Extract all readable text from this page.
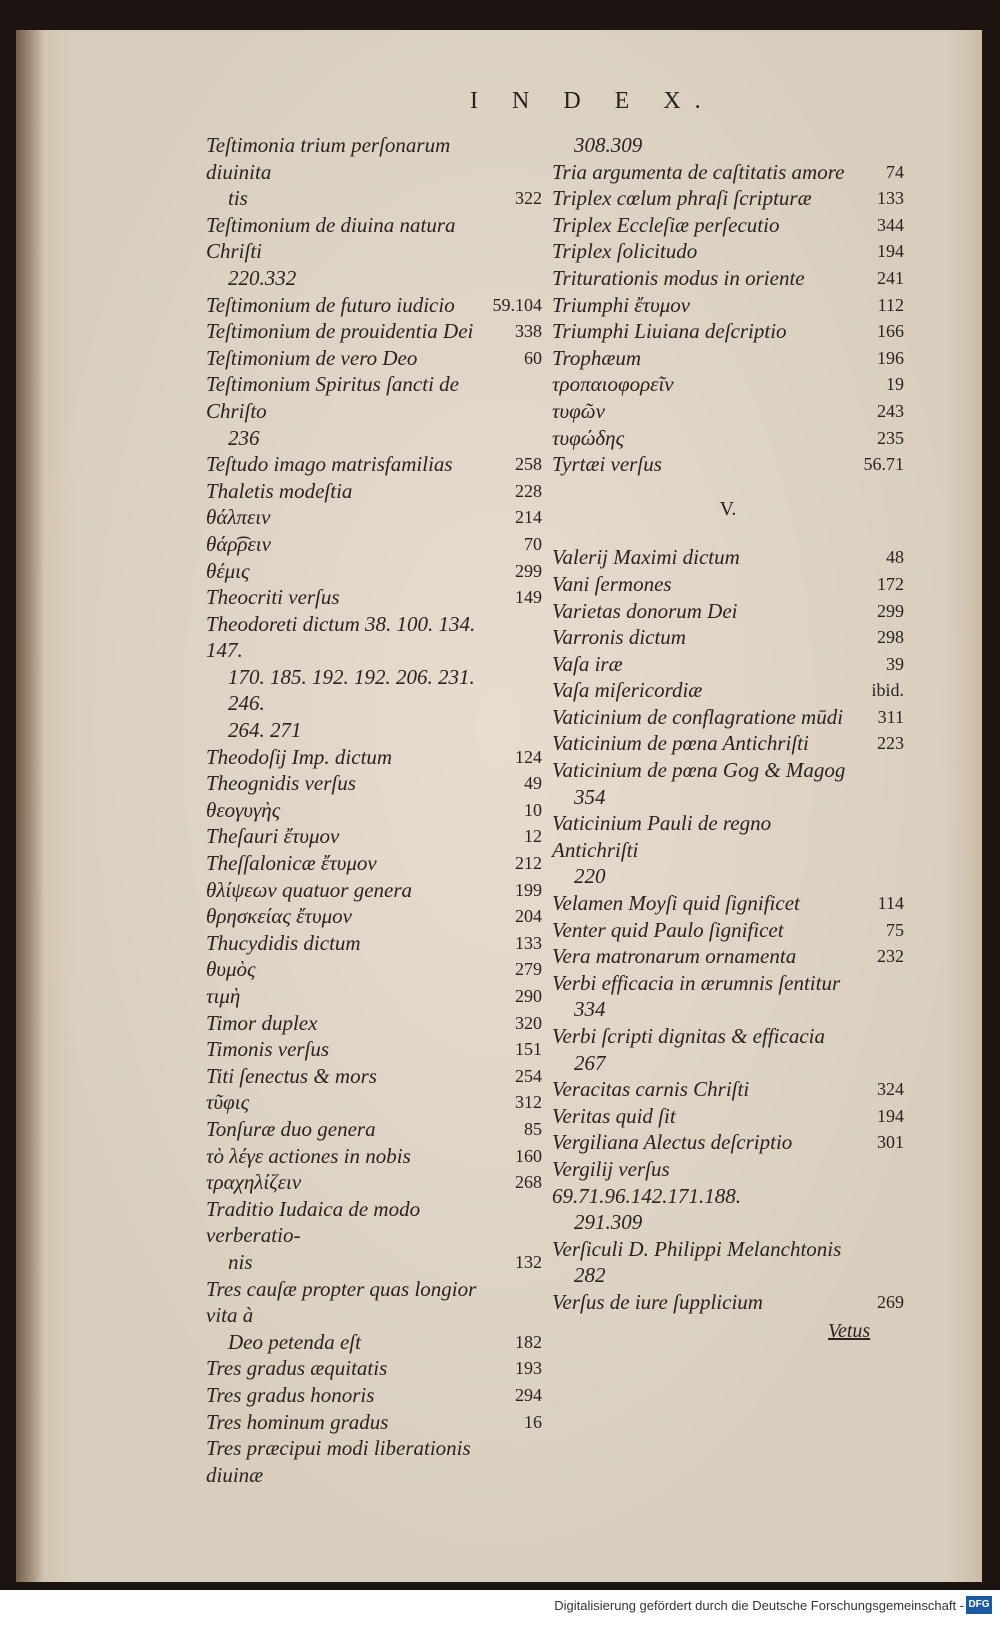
I N D E X.
Teſtimonia trium perſonarum diuinita
tis	322
Teſtimonium de diuina natura Chriſti
220.332
Teſtimonium de futuro iudicio	59.104
Teſtimonium de prouidentia Dei	338
Teſtimonium de vero Deo	60
Teſtimonium Spiritus ſancti de Chriſto
236
Teſtudo imago matrisfamilias	258
Thaletis modeſtia	228
θάλπειν	214
θάρ͡ρειν	70
θέμις	299
Theocriti verſus	149
Theodoreti dictum 38. 100. 134. 147.
170. 185. 192. 192. 206. 231. 246.
264. 271
Theodoſij Imp. dictum	124
Theognidis verſus	49
θεογυγὴς	10
Theſauri ἔτυμον	12
Theſſalonicæ ἔτυμον	212
θλίψεων quatuor genera	199
θρησκείας ἔτυμον	204
Thucydidis dictum	133
θυμὸς	279
τιμὴ	290
Timor duplex	320
Timonis verſus	151
Titi ſenectus & mors	254
τῦφις	312
Tonſuræ duo genera	85
τὸ λέγε actiones in nobis	160
τραχηλίζειν	268
Traditio Iudaica de modo verberatio-
nis	132
Tres cauſæ propter quas longior vita à
Deo petenda eſt	182
Tres gradus æquitatis	193
Tres gradus honoris	294
Tres hominum gradus	16
Tres præcipui modi liberationis diuinæ
308.309
Tria argumenta de caſtitatis amore	74
Triplex cœlum phraſi ſcripturæ	133
Triplex Eccleſiæ perſecutio	344
Triplex ſolicitudo	194
Triturationis modus in oriente	241
Triumphi ἔτυμον	112
Triumphi Liuiana deſcriptio	166
Trophæum	196
τροπαιοφορεῖν	19
τυφῶν	243
τυφώδης	235
Tyrtæi verſus	56.71
V.
Valerij Maximi dictum	48
Vani ſermones	172
Varietas donorum Dei	299
Varronis dictum	298
Vaſa iræ	39
Vaſa miſericordiæ	ibid.
Vaticinium de conflagratione mūdi	311
Vaticinium de pœna Antichriſti	223
Vaticinium de pœna Gog & Magog
354
Vaticinium Pauli de regno Antichriſti
220
Velamen Moyſi quid ſignificet	114
Venter quid Paulo ſignificet	75
Vera matronarum ornamenta	232
Verbi efficacia in ærumnis ſentitur
334
Verbi ſcripti dignitas & efficacia
267
Veracitas carnis Chriſti	324
Veritas quid ſit	194
Vergiliana Alectus deſcriptio	301
Vergilij verſus 69.71.96.142.171.188.
291.309
Verſiculi D. Philippi Melanchtonis
282
Verſus de iure ſupplicium	269
Vetus
Digitalisierung gefördert durch die Deutsche Forschungsgemeinschaft - DFG
